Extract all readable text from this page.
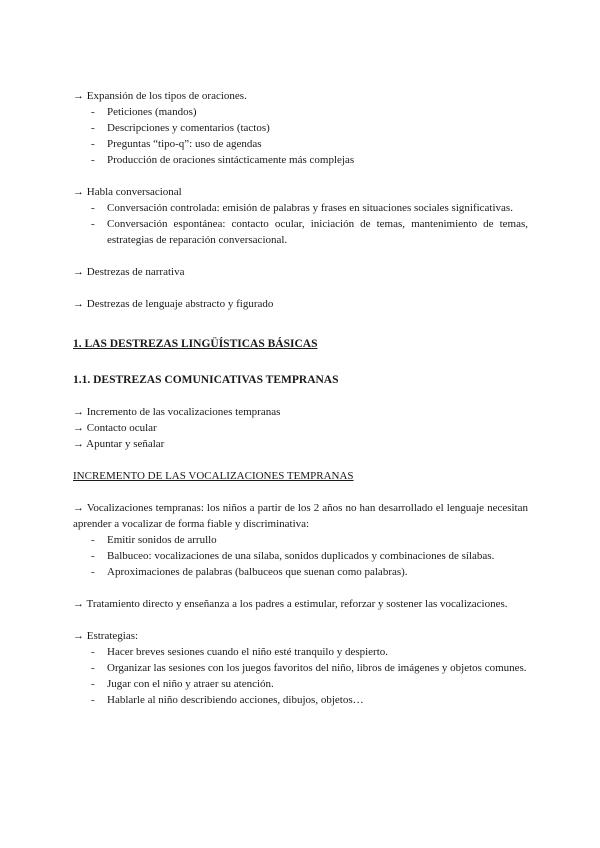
→ Expansión de los tipos de oraciones.

- Peticiones (mandos)
- Descripciones y comentarios (tactos)
- Preguntas “tipo-q”: uso de agendas
- Producción de oraciones sintácticamente más complejas

→ Habla conversacional

- Conversación controlada: emisión de palabras y frases en situaciones sociales significativas.
- Conversación espontánea: contacto ocular, iniciación de temas, mantenimiento de temas, estrategias de reparación conversacional.

→ Destrezas de narrativa

→ Destrezas de lenguaje abstracto y figurado

1. LAS DESTREZAS LINGÜÍSTICAS BÁSICAS

1.1. DESTREZAS COMUNICATIVAS TEMPRANAS

→ Incremento de las vocalizaciones tempranas

→ Contacto ocular

→ Apuntar y señalar

INCREMENTO DE LAS VOCALIZACIONES TEMPRANAS

→ Vocalizaciones tempranas: los niños a partir de los 2 años no han desarrollado el lenguaje necesitan aprender a vocalizar de forma fiable y discriminativa:

- Emitir sonidos de arrullo
- Balbuceo: vocalizaciones de una sílaba, sonidos duplicados y combinaciones de sílabas.
- Aproximaciones de palabras (balbuceos que suenan como palabras).

→ Tratamiento directo y enseñanza a los padres a estimular, reforzar y sostener las vocalizaciones.

→ Estrategias:

- Hacer breves sesiones cuando el niño esté tranquilo y despierto.
- Organizar las sesiones con los juegos favoritos del niño, libros de imágenes y objetos comunes.
- Jugar con el niño y atraer su atención.
- Hablarle al niño describiendo acciones, dibujos, objetos…
